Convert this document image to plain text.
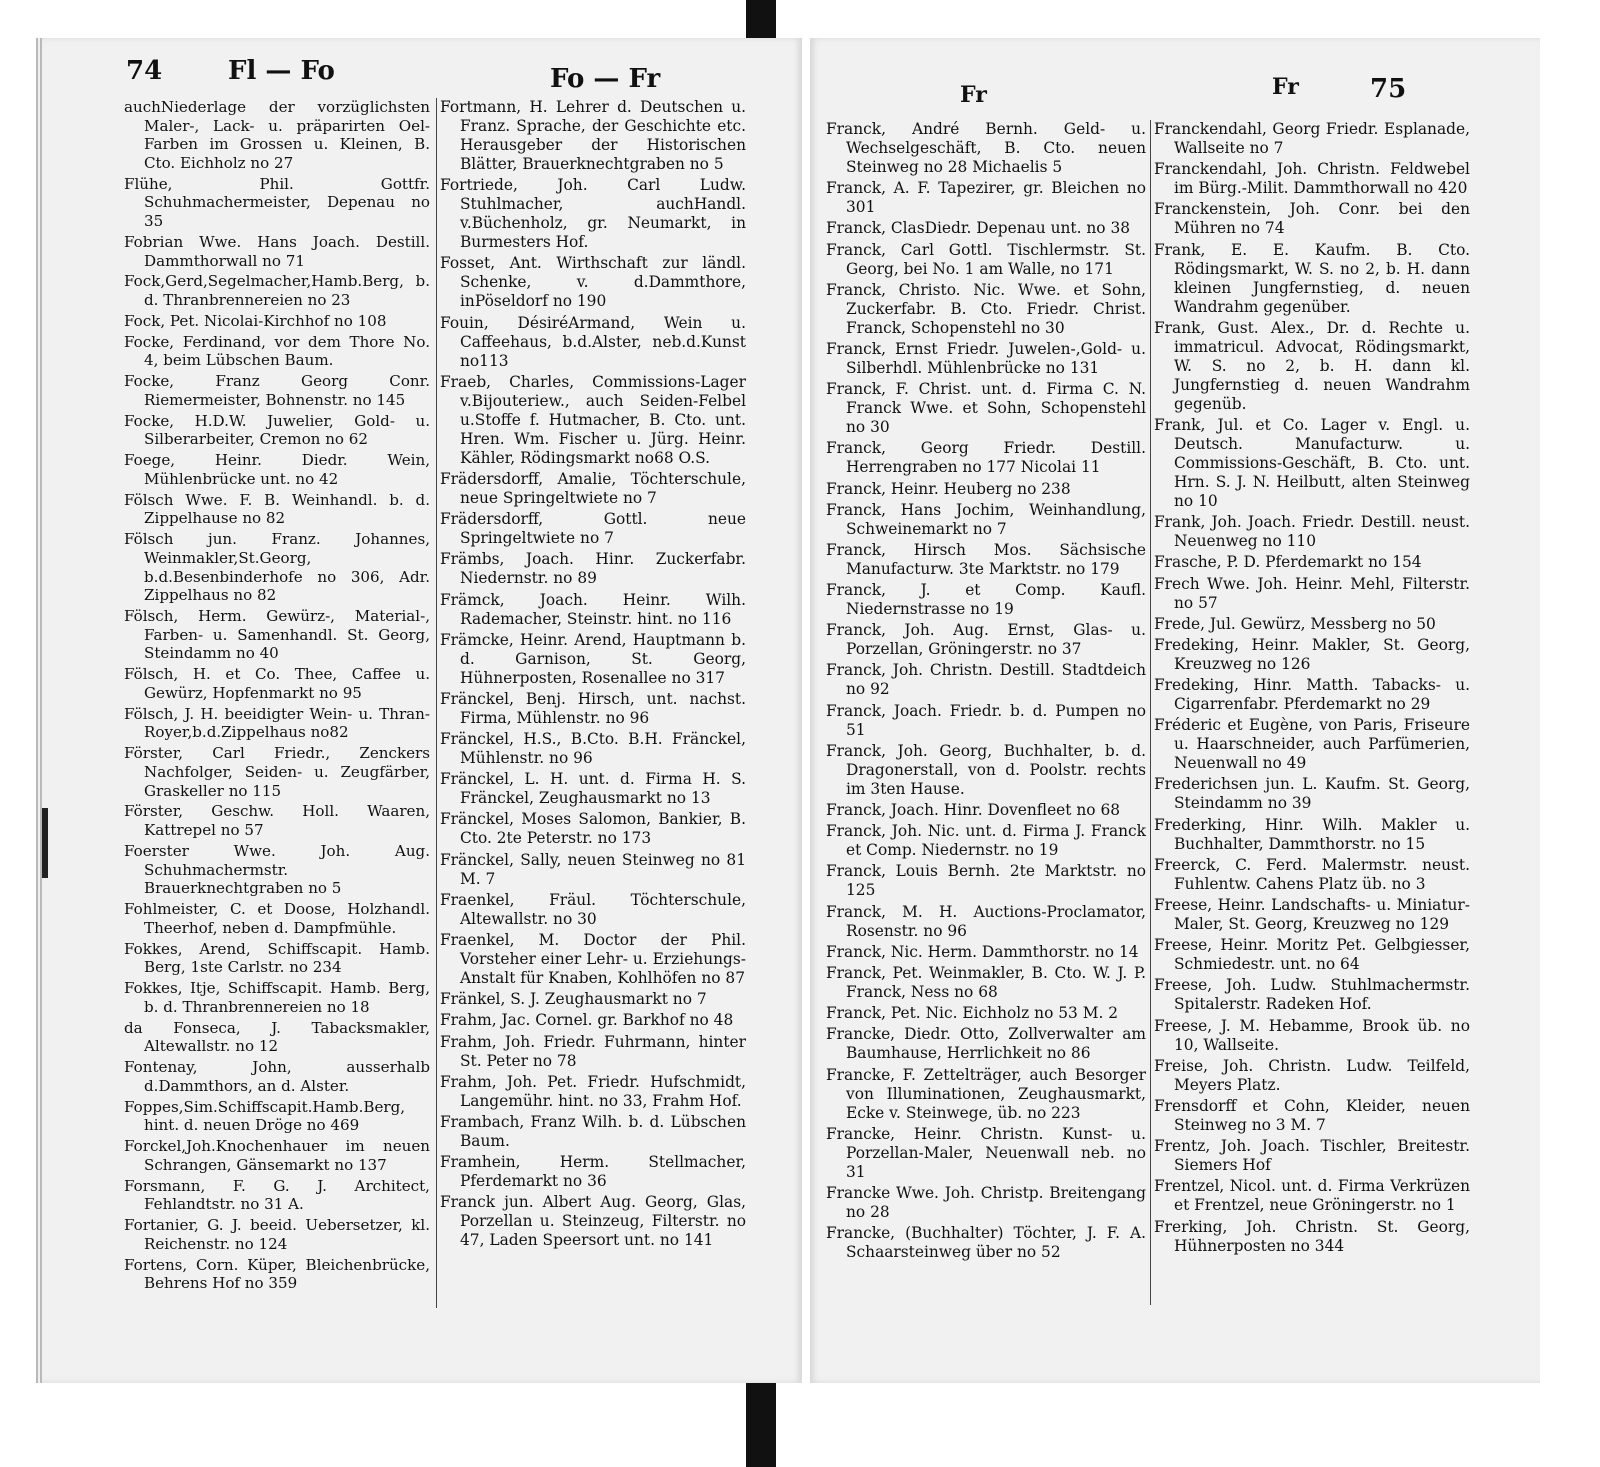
74	Fl — Fo	Fo — Fr

auchNiederlage der vorzüglichsten Maler-, Lack- u. präparirten Oel-Farben im Grossen u. Kleinen, B. Cto. Eichholz no 27

Flühe, Phil. Gottfr. Schuhmachermeister, Depenau no 35

Fobrian Wwe. Hans Joach. Destill. Dammthorwall no 71

Fock,Gerd,Segelmacher,Hamb.Berg, b. d. Thranbrennereien no 23

Fock, Pet. Nicolai-Kirchhof no 108

Focke, Ferdinand, vor dem Thore No. 4, beim Lübschen Baum.

Focke, Franz Georg Conr. Riemermeister, Bohnenstr. no 145

Focke, H.D.W. Juwelier, Gold- u. Silberarbeiter, Cremon no 62

Foege, Heinr. Diedr. Wein, Mühlenbrücke unt. no 42

Fölsch Wwe. F. B. Weinhandl. b. d. Zippelhause no 82

Fölsch jun. Franz. Johannes, Weinmakler,St.Georg, b.d.Besenbinderhofe no 306, Adr. Zippelhaus no 82

Fölsch, Herm. Gewürz-, Material-, Farben- u. Samenhandl. St. Georg, Steindamm no 40

Fölsch, H. et Co. Thee, Caffee u. Gewürz, Hopfenmarkt no 95

Fölsch, J. H. beeidigter Wein- u. Thran-Royer,b.d.Zippelhaus no82

Förster, Carl Friedr., Zenckers Nachfolger, Seiden- u. Zeugfärber, Graskeller no 115

Förster, Geschw. Holl. Waaren, Kattrepel no 57

Foerster Wwe. Joh. Aug. Schuhmachermstr. Brauerknechtgraben no 5

Fohlmeister, C. et Doose, Holzhandl. Theerhof, neben d. Dampfmühle.

Fokkes, Arend, Schiffscapit. Hamb. Berg, 1ste Carlstr. no 234

Fokkes, Itje, Schiffscapit. Hamb. Berg, b. d. Thranbrennereien no 18

da Fonseca, J. Tabacksmakler, Altewallstr. no 12

Fontenay, John, ausserhalb d.Dammthors, an d. Alster.

Foppes,Sim.Schiffscapit.Hamb.Berg, hint. d. neuen Dröge no 469

Forckel,Joh.Knochenhauer im neuen Schrangen, Gänsemarkt no 137

Forsmann, F. G. J. Architect, Fehlandtstr. no 31 A.

Fortanier, G. J. beeid. Uebersetzer, kl. Reichenstr. no 124

Fortens, Corn. Küper, Bleichenbrücke, Behrens Hof no 359

Fortmann, H. Lehrer d. Deutschen u. Franz. Sprache, der Geschichte etc. Herausgeber der Historischen Blätter, Brauerknechtgraben no 5

Fortriede, Joh. Carl Ludw. Stuhlmacher, auchHandl. v.Büchenholz, gr. Neumarkt, in Burmesters Hof.

Fosset, Ant. Wirthschaft zur ländl. Schenke, v. d.Dammthore, inPöseldorf no 190

Fouin, DésiréArmand, Wein u. Caffeehaus, b.d.Alster, neb.d.Kunst no113

Fraeb, Charles, Commissions-Lager v.Bijouteriew., auch Seiden-Felbel u.Stoffe f. Hutmacher, B. Cto. unt. Hren. Wm. Fischer u. Jürg. Heinr. Kähler, Rödingsmarkt no68 O.S.

Frädersdorff, Amalie, Töchterschule, neue Springeltwiete no 7

Frädersdorff, Gottl. neue Springeltwiete no 7

Främbs, Joach. Hinr. Zuckerfabr. Niedernstr. no 89

Främck, Joach. Heinr. Wilh. Rademacher, Steinstr. hint. no 116

Främcke, Heinr. Arend, Hauptmann b. d. Garnison, St. Georg, Hühnerposten, Rosenallee no 317

Fränckel, Benj. Hirsch, unt. nachst. Firma, Mühlenstr. no 96

Fränckel, H.S., B.Cto. B.H. Fränckel, Mühlenstr. no 96

Fränckel, L. H. unt. d. Firma H. S. Fränckel, Zeughausmarkt no 13

Fränckel, Moses Salomon, Bankier, B. Cto. 2te Peterstr. no 173

Fränckel, Sally, neuen Steinweg no 81 M. 7

Fraenkel, Fräul. Töchterschule, Altewallstr. no 30

Fraenkel, M. Doctor der Phil. Vorsteher einer Lehr- u. Erziehungs-Anstalt für Knaben, Kohlhöfen no 87

Fränkel, S. J. Zeughausmarkt no 7

Frahm, Jac. Cornel. gr. Barkhof no 48

Frahm, Joh. Friedr. Fuhrmann, hinter St. Peter no 78

Frahm, Joh. Pet. Friedr. Hufschmidt, Langemühr. hint. no 33, Frahm Hof.

Frambach, Franz Wilh. b. d. Lübschen Baum.

Framhein, Herm. Stellmacher, Pferdemarkt no 36

Franck jun. Albert Aug. Georg, Glas, Porzellan u. Steinzeug, Filterstr. no 47, Laden Speersort unt. no 141

Fr	Fr	75

Franck, André Bernh. Geld- u. Wechselgeschäft, B. Cto. neuen Steinweg no 28 Michaelis 5

Franck, A. F. Tapezirer, gr. Bleichen no 301

Franck, ClasDiedr. Depenau unt. no 38

Franck, Carl Gottl. Tischlermstr. St. Georg, bei No. 1 am Walle, no 171

Franck, Christo. Nic. Wwe. et Sohn, Zuckerfabr. B. Cto. Friedr. Christ. Franck, Schopenstehl no 30

Franck, Ernst Friedr. Juwelen-,Gold- u. Silberhdl. Mühlenbrücke no 131

Franck, F. Christ. unt. d. Firma C. N. Franck Wwe. et Sohn, Schopenstehl no 30

Franck, Georg Friedr. Destill. Herrengraben no 177 Nicolai 11

Franck, Heinr. Heuberg no 238

Franck, Hans Jochim, Weinhandlung, Schweinemarkt no 7

Franck, Hirsch Mos. Sächsische Manufacturw. 3te Marktstr. no 179

Franck, J. et Comp. Kaufl. Niedernstrasse no 19

Franck, Joh. Aug. Ernst, Glas- u. Porzellan, Gröningerstr. no 37

Franck, Joh. Christn. Destill. Stadtdeich no 92

Franck, Joach. Friedr. b. d. Pumpen no 51

Franck, Joh. Georg, Buchhalter, b. d. Dragonerstall, von d. Poolstr. rechts im 3ten Hause.

Franck, Joach. Hinr. Dovenfleet no 68

Franck, Joh. Nic. unt. d. Firma J. Franck et Comp. Niedernstr. no 19

Franck, Louis Bernh. 2te Marktstr. no 125

Franck, M. H. Auctions-Proclamator, Rosenstr. no 96

Franck, Nic. Herm. Dammthorstr. no 14

Franck, Pet. Weinmakler, B. Cto. W. J. P. Franck, Ness no 68

Franck, Pet. Nic. Eichholz no 53 M. 2

Francke, Diedr. Otto, Zollverwalter am Baumhause, Herrlichkeit no 86

Francke, F. Zettelträger, auch Besorger von Illuminationen, Zeughausmarkt, Ecke v. Steinwege, üb. no 223

Francke, Heinr. Christn. Kunst- u. Porzellan-Maler, Neuenwall neb. no 31

Francke Wwe. Joh. Christp. Breitengang no 28

Francke, (Buchhalter) Töchter, J. F. A. Schaarsteinweg über no 52

Franckendahl, Georg Friedr. Esplanade, Wallseite no 7

Franckendahl, Joh. Christn. Feldwebel im Bürg.-Milit. Dammthorwall no 420

Franckenstein, Joh. Conr. bei den Mühren no 74

Frank, E. E. Kaufm. B. Cto. Rödingsmarkt, W. S. no 2, b. H. dann kleinen Jungfernstieg, d. neuen Wandrahm gegenüber.

Frank, Gust. Alex., Dr. d. Rechte u. immatricul. Advocat, Rödingsmarkt, W. S. no 2, b. H. dann kl. Jungfernstieg d. neuen Wandrahm gegenüb.

Frank, Jul. et Co. Lager v. Engl. u. Deutsch. Manufacturw. u. Commissions-Geschäft, B. Cto. unt. Hrn. S. J. N. Heilbutt, alten Steinweg no 10

Frank, Joh. Joach. Friedr. Destill. neust. Neuenweg no 110

Frasche, P. D. Pferdemarkt no 154

Frech Wwe. Joh. Heinr. Mehl, Filterstr. no 57

Frede, Jul. Gewürz, Messberg no 50

Fredeking, Heinr. Makler, St. Georg, Kreuzweg no 126

Fredeking, Hinr. Matth. Tabacks- u. Cigarrenfabr. Pferdemarkt no 29

Fréderic et Eugène, von Paris, Friseure u. Haarschneider, auch Parfümerien, Neuenwall no 49

Frederichsen jun. L. Kaufm. St. Georg, Steindamm no 39

Frederking, Hinr. Wilh. Makler u. Buchhalter, Dammthorstr. no 15

Freerck, C. Ferd. Malermstr. neust. Fuhlentw. Cahens Platz üb. no 3

Freese, Heinr. Landschafts- u. Miniatur-Maler, St. Georg, Kreuzweg no 129

Freese, Heinr. Moritz Pet. Gelbgiesser, Schmiedestr. unt. no 64

Freese, Joh. Ludw. Stuhlmachermstr. Spitalerstr. Radeken Hof.

Freese, J. M. Hebamme, Brook üb. no 10, Wallseite.

Freise, Joh. Christn. Ludw. Teilfeld, Meyers Platz.

Frensdorff et Cohn, Kleider, neuen Steinweg no 3 M. 7

Frentz, Joh. Joach. Tischler, Breitestr. Siemers Hof

Frentzel, Nicol. unt. d. Firma Verkrüzen et Frentzel, neue Gröningerstr. no 1

Frerking, Joh. Christn. St. Georg, Hühnerposten no 344
